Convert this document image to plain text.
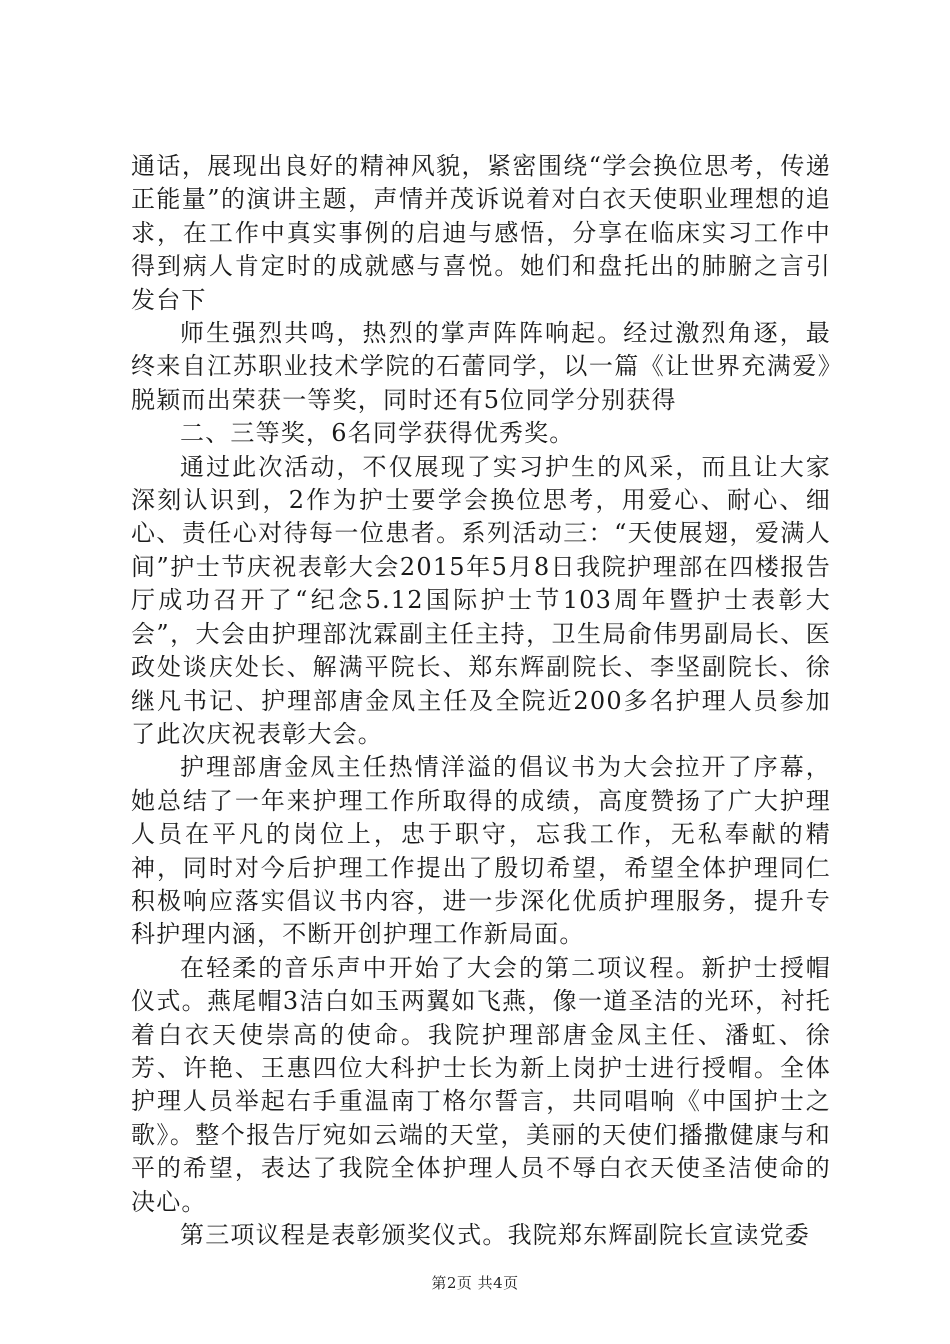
通话，展现出良好的精神风貌，紧密围绕“学会换位思考，传递正能量”的演讲主题，声情并茂诉说着对白衣天使职业理想的追求，在工作中真实事例的启迪与感悟，分享在临床实习工作中得到病人肯定时的成就感与喜悦。她们和盘托出的肺腑之言引发台下

师生强烈共鸣，热烈的掌声阵阵响起。经过激烈角逐，最终来自江苏职业技术学院的石蕾同学，以一篇《让世界充满爱》脱颖而出荣获一等奖，同时还有5位同学分别获得

二、三等奖，6名同学获得优秀奖。

通过此次活动，不仅展现了实习护生的风采，而且让大家深刻认识到，2作为护士要学会换位思考，用爱心、耐心、细心、责任心对待每一位患者。系列活动三：“天使展翅，爱满人间”护士节庆祝表彰大会2015年5月8日我院护理部在四楼报告厅成功召开了“纪念5.12国际护士节103周年暨护士表彰大会”，大会由护理部沈霖副主任主持，卫生局俞伟男副局长、医政处谈庆处长、解满平院长、郑东辉副院长、李坚副院长、徐继凡书记、护理部唐金凤主任及全院近200多名护理人员参加了此次庆祝表彰大会。

护理部唐金凤主任热情洋溢的倡议书为大会拉开了序幕，她总结了一年来护理工作所取得的成绩，高度赞扬了广大护理人员在平凡的岗位上，忠于职守，忘我工作，无私奉献的精神，同时对今后护理工作提出了殷切希望，希望全体护理同仁积极响应落实倡议书内容，进一步深化优质护理服务，提升专科护理内涵，不断开创护理工作新局面。

在轻柔的音乐声中开始了大会的第二项议程。新护士授帽仪式。燕尾帽3洁白如玉两翼如飞燕，像一道圣洁的光环，衬托着白衣天使崇高的使命。我院护理部唐金凤主任、潘虹、徐芳、许艳、王惠四位大科护士长为新上岗护士进行授帽。全体护理人员举起右手重温南丁格尔誓言，共同唱响《中国护士之歌》。整个报告厅宛如云端的天堂，美丽的天使们播撒健康与和平的希望，表达了我院全体护理人员不辱白衣天使圣洁使命的决心。

第三项议程是表彰颁奖仪式。我院郑东辉副院长宣读党委

第2页 共4页
